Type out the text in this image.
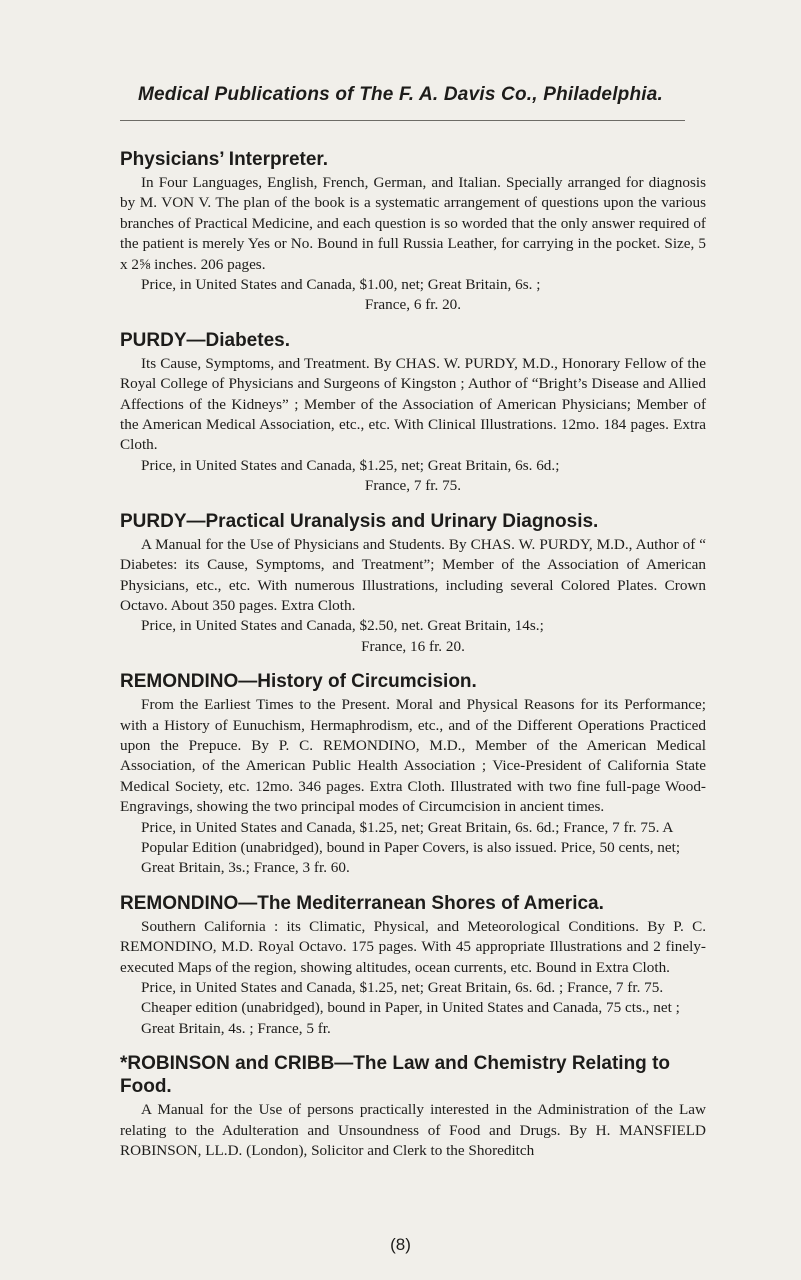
Medical Publications of The F. A. Davis Co., Philadelphia.
Physicians’ Interpreter.

In Four Languages, English, French, German, and Italian. Specially arranged for diagnosis by M. VON V. The plan of the book is a systematic arrangement of questions upon the various branches of Practical Medicine, and each question is so worded that the only answer required of the patient is merely Yes or No. Bound in full Russia Leather, for carrying in the pocket. Size, 5 x 2⅝ inches. 206 pages.

Price, in United States and Canada, $1.00, net; Great Britain, 6s. ;
France, 6 fr. 20.
PURDY—Diabetes.

Its Cause, Symptoms, and Treatment. By CHAS. W. PURDY, M.D., Honorary Fellow of the Royal College of Physicians and Surgeons of Kingston ; Author of “Bright’s Disease and Allied Affections of the Kidneys” ; Member of the Association of American Physicians; Member of the American Medical Association, etc., etc. With Clinical Illustrations. 12mo. 184 pages. Extra Cloth.

Price, in United States and Canada, $1.25, net; Great Britain, 6s. 6d.;
France, 7 fr. 75.
PURDY—Practical Uranalysis and Urinary Diagnosis.

A Manual for the Use of Physicians and Students. By CHAS. W. PURDY, M.D., Author of “ Diabetes: its Cause, Symptoms, and Treatment”; Member of the Association of American Physicians, etc., etc. With numerous Illustrations, including several Colored Plates. Crown Octavo. About 350 pages. Extra Cloth.

Price, in United States and Canada, $2.50, net. Great Britain, 14s.;
France, 16 fr. 20.
REMONDINO—History of Circumcision.

From the Earliest Times to the Present. Moral and Physical Reasons for its Performance; with a History of Eunuchism, Hermaphrodism, etc., and of the Different Operations Practiced upon the Prepuce. By P. C. REMONDINO, M.D., Member of the American Medical Association, of the American Public Health Association ; Vice-President of California State Medical Society, etc. 12mo. 346 pages. Extra Cloth. Illustrated with two fine full-page Wood-Engravings, showing the two principal modes of Circumcision in ancient times.

Price, in United States and Canada, $1.25, net; Great Britain, 6s. 6d.; France, 7 fr. 75. A Popular Edition (unabridged), bound in Paper Covers, is also issued. Price, 50 cents, net; Great Britain, 3s.; France, 3 fr. 60.
REMONDINO—The Mediterranean Shores of America.

Southern California : its Climatic, Physical, and Meteorological Conditions. By P. C. REMONDINO, M.D. Royal Octavo. 175 pages. With 45 appropriate Illustrations and 2 finely-executed Maps of the region, showing altitudes, ocean currents, etc. Bound in Extra Cloth.

Price, in United States and Canada, $1.25, net; Great Britain, 6s. 6d. ; France, 7 fr. 75. Cheaper edition (unabridged), bound in Paper, in United States and Canada, 75 cts., net ; Great Britain, 4s. ; France, 5 fr.
*ROBINSON and CRIBB—The Law and Chemistry Relating to Food.

A Manual for the Use of persons practically interested in the Administration of the Law relating to the Adulteration and Unsoundness of Food and Drugs. By H. MANSFIELD ROBINSON, LL.D. (London), Solicitor and Clerk to the Shoreditch

(8)
